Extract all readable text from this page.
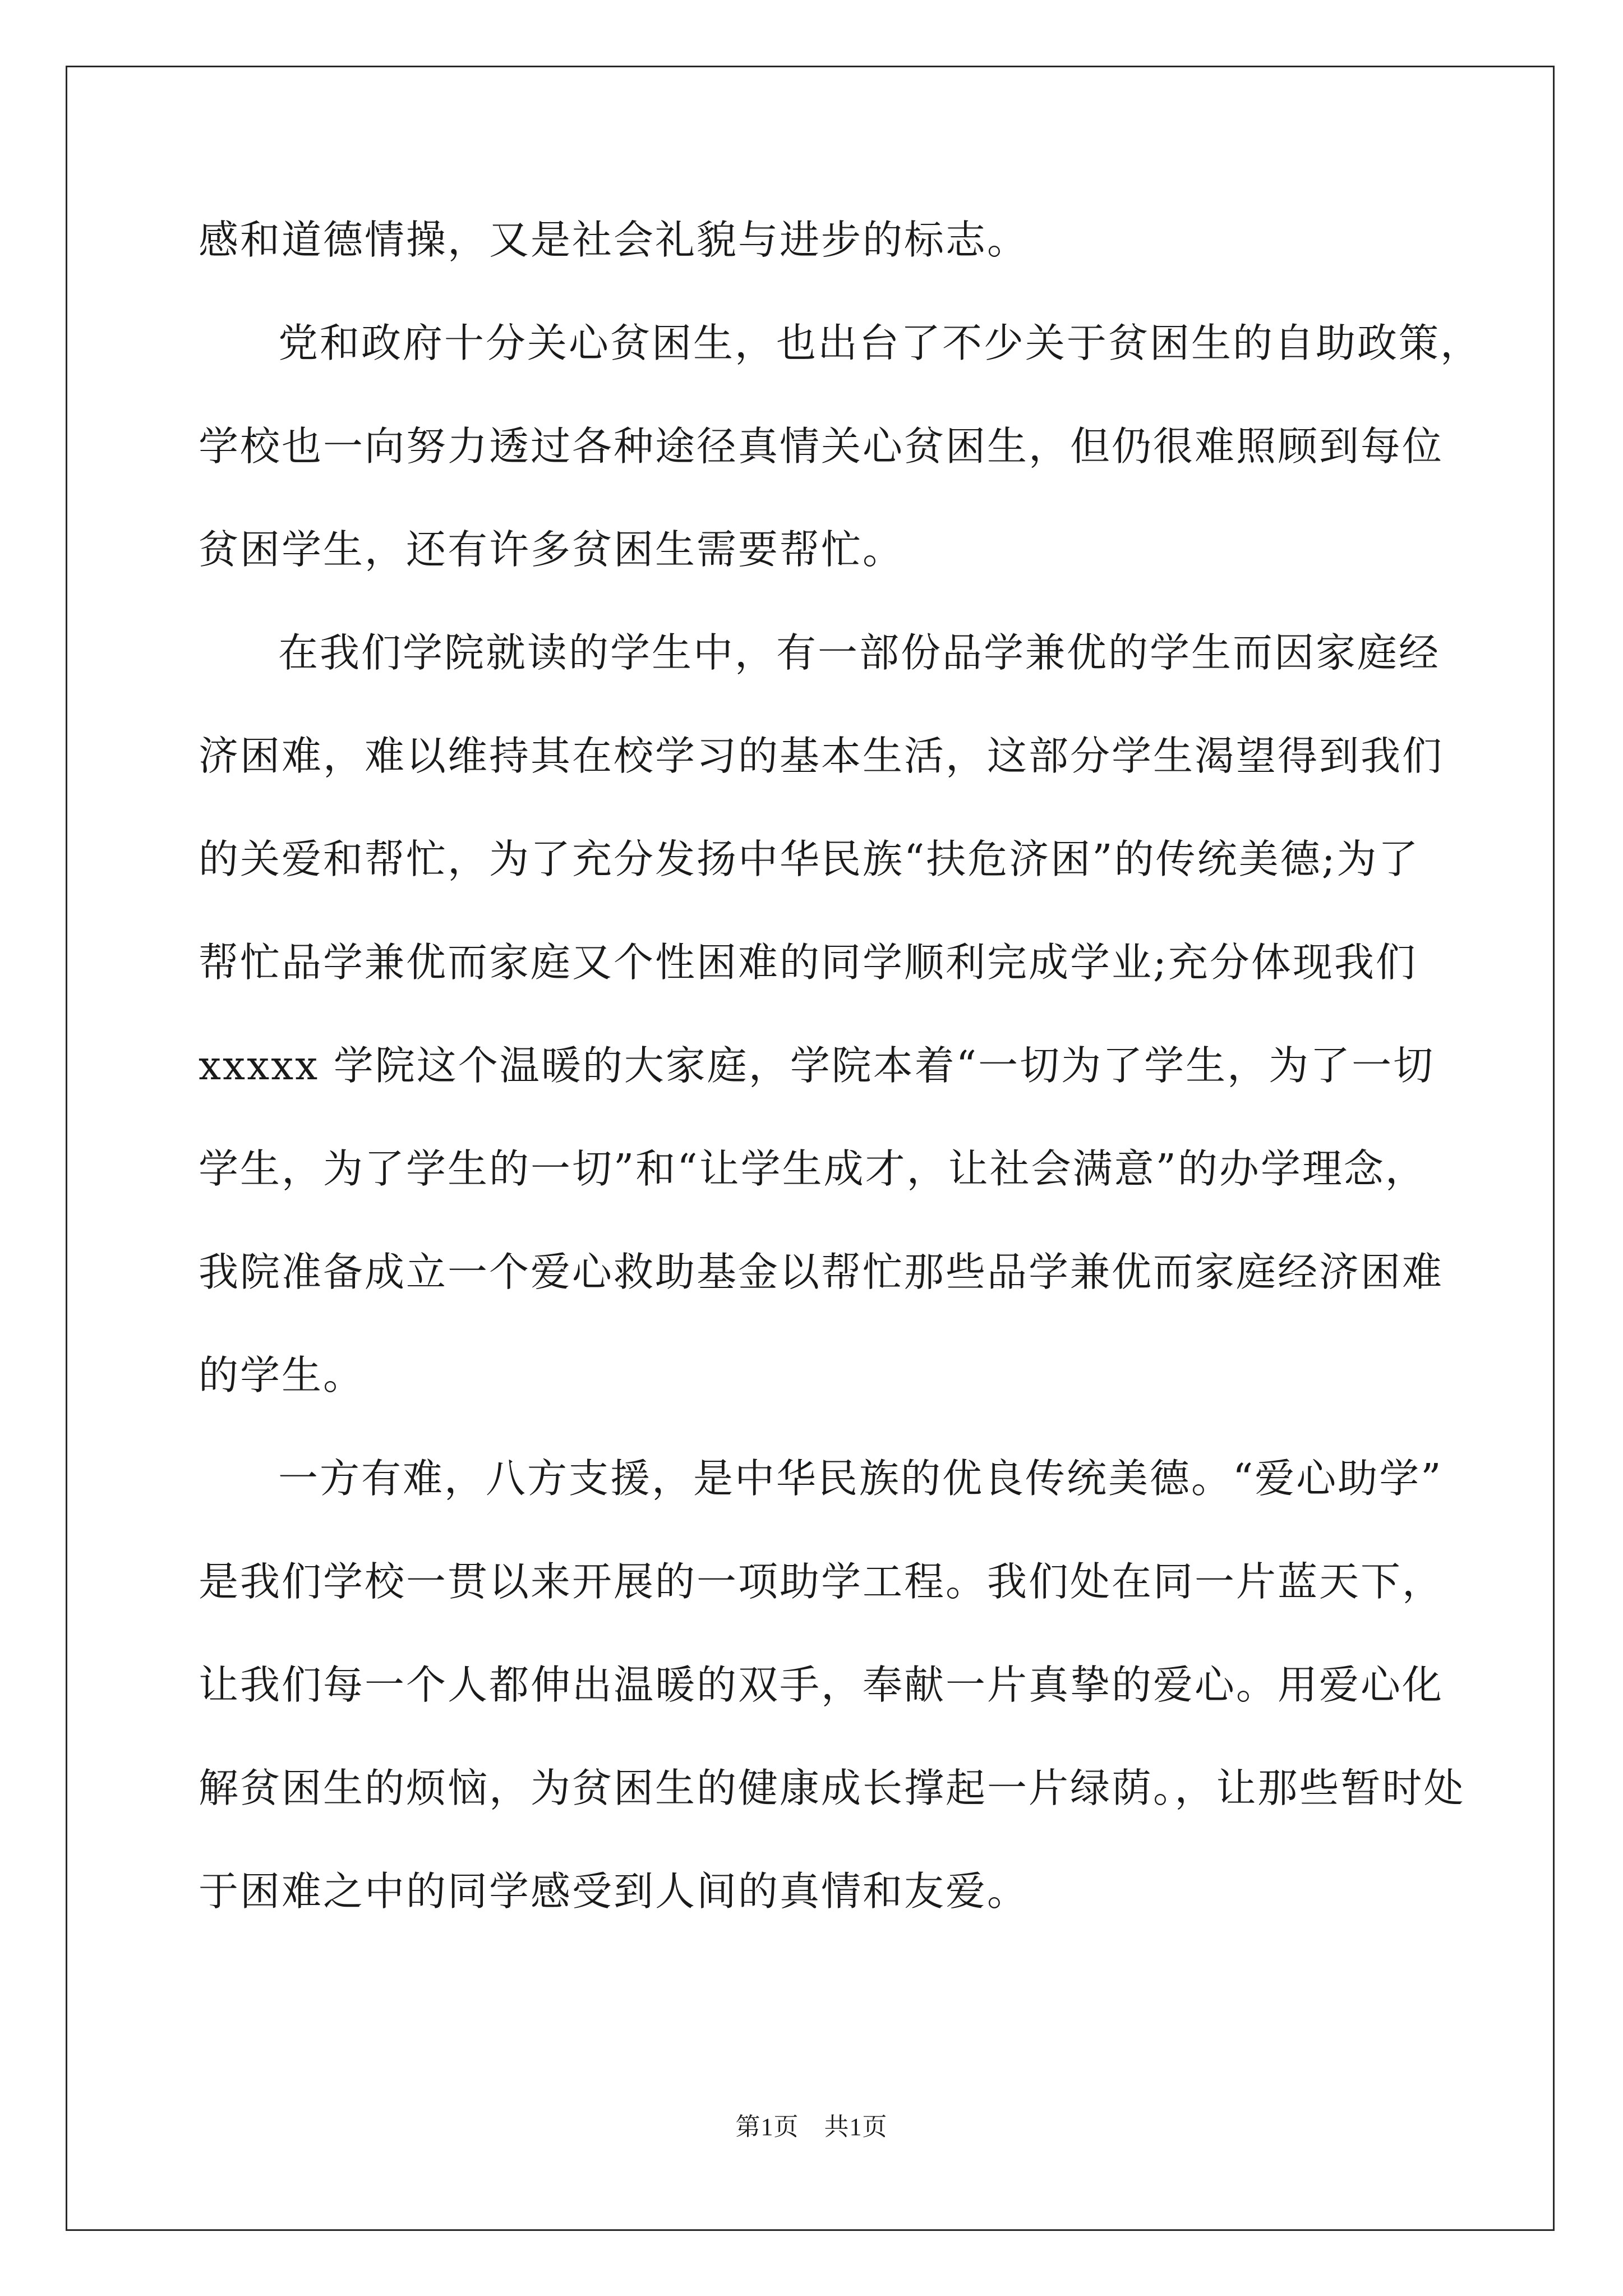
感和道德情操，又是社会礼貌与进步的标志。
党和政府十分关心贫困生，也出台了不少关于贫困生的自助政策，
学校也一向努力透过各种途径真情关心贫困生，但仍很难照顾到每位
贫困学生，还有许多贫困生需要帮忙。
在我们学院就读的学生中，有一部份品学兼优的学生而因家庭经
济困难，难以维持其在校学习的基本生活，这部分学生渴望得到我们
的关爱和帮忙，为了充分发扬中华民族“扶危济困”的传统美德;为了
帮忙品学兼优而家庭又个性困难的同学顺利完成学业;充分体现我们
xxxxx 学院这个温暖的大家庭，学院本着“一切为了学生，为了一切
学生，为了学生的一切”和“让学生成才，让社会满意”的办学理念，
我院准备成立一个爱心救助基金以帮忙那些品学兼优而家庭经济困难
的学生。
一方有难，八方支援，是中华民族的优良传统美德。“爱心助学”
是我们学校一贯以来开展的一项助学工程。我们处在同一片蓝天下，
让我们每一个人都伸出温暖的双手，奉献一片真挚的爱心。用爱心化
解贫困生的烦恼，为贫困生的健康成长撑起一片绿荫。，让那些暂时处
于困难之中的同学感受到人间的真情和友爱。
第1页　共1页
